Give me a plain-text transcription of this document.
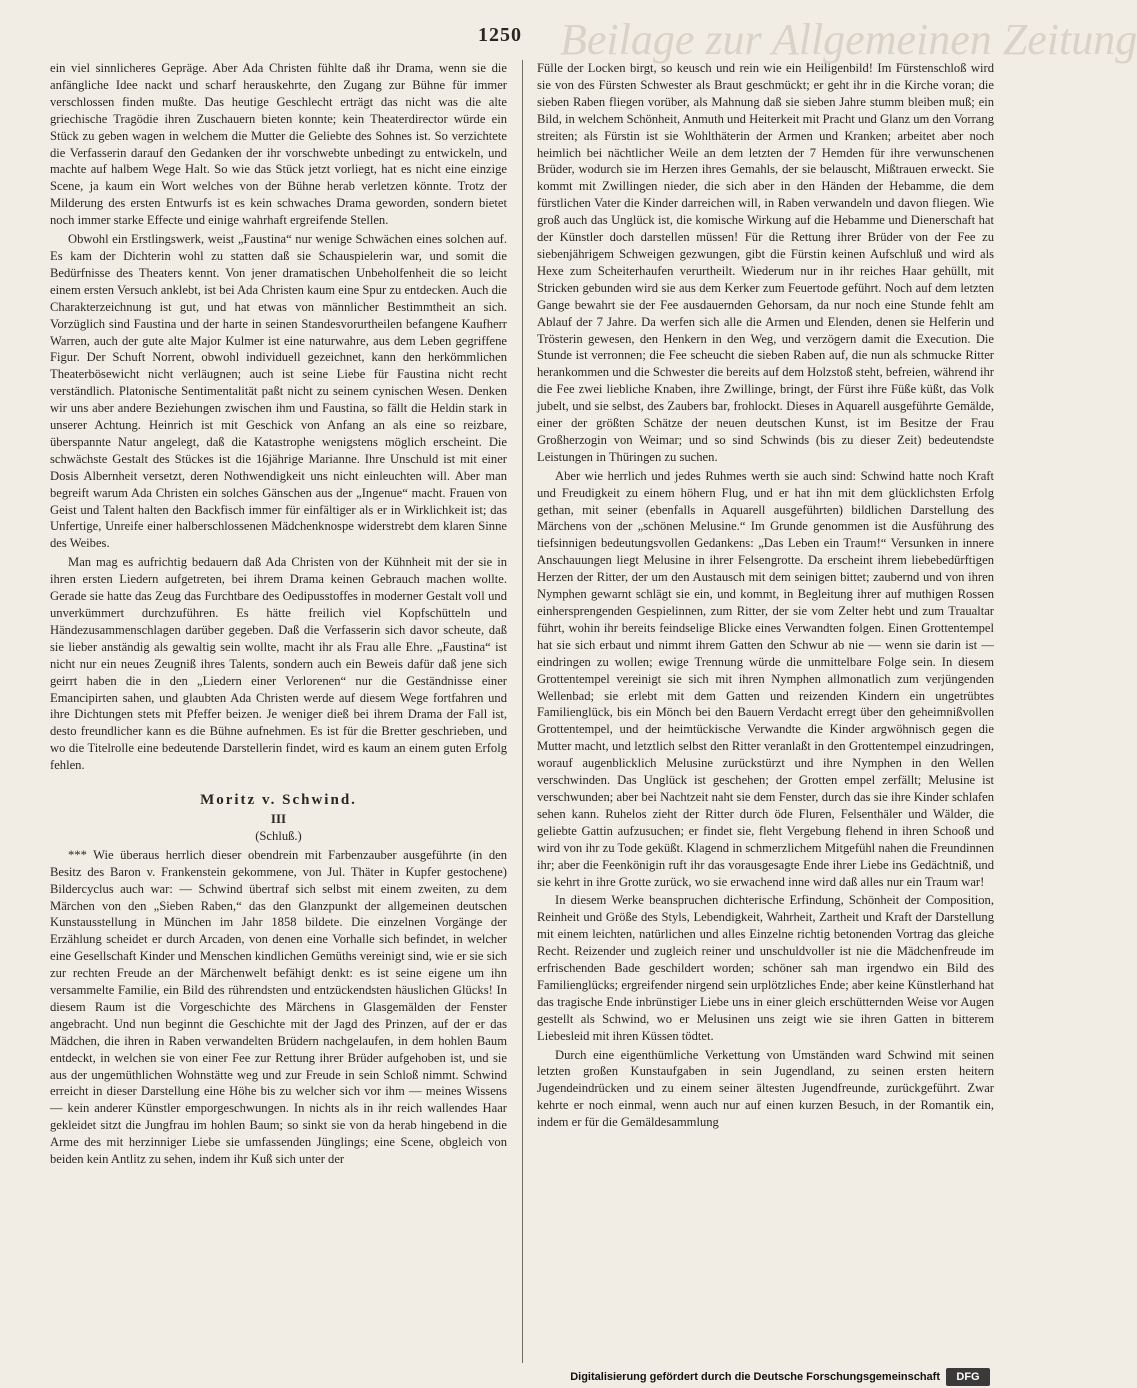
Beilage zur Allgemeinen Zeitung
1250

ein viel sinnlicheres Gepräge. Aber Ada Christen fühlte daß ihr Drama, wenn sie die anfängliche Idee nackt und scharf herauskehrte, den Zugang zur Bühne für immer verschlossen finden mußte. Das heutige Geschlecht erträgt das nicht was die alte griechische Tragödie ihren Zuschauern bieten konnte; kein Theaterdirector würde ein Stück zu geben wagen in welchem die Mutter die Geliebte des Sohnes ist. So verzichtete die Verfasserin darauf den Gedanken der ihr vorschwebte unbedingt zu entwickeln, und machte auf halbem Wege Halt. So wie das Stück jetzt vorliegt, hat es nicht eine einzige Scene, ja kaum ein Wort welches von der Bühne herab verletzen könnte. Trotz der Milderung des ersten Entwurfs ist es kein schwaches Drama geworden, sondern bietet noch immer starke Effecte und einige wahrhaft ergreifende Stellen.

Obwohl ein Erstlingswerk, weist „Faustina“ nur wenige Schwächen eines solchen auf. Es kam der Dichterin wohl zu statten daß sie Schauspielerin war, und somit die Bedürfnisse des Theaters kennt. Von jener dramatischen Unbeholfenheit die so leicht einem ersten Versuch anklebt, ist bei Ada Christen kaum eine Spur zu entdecken. Auch die Charakterzeichnung ist gut, und hat etwas von männlicher Bestimmtheit an sich. Vorzüglich sind Faustina und der harte in seinen Standesvorurtheilen befangene Kaufherr Warren, auch der gute alte Major Kulmer ist eine naturwahre, aus dem Leben gegriffene Figur. Der Schuft Norrent, obwohl individuell gezeichnet, kann den herkömmlichen Theaterbösewicht nicht verläugnen; auch ist seine Liebe für Faustina nicht recht verständlich. Platonische Sentimentalität paßt nicht zu seinem cynischen Wesen. Denken wir uns aber andere Beziehungen zwischen ihm und Faustina, so fällt die Heldin stark in unserer Achtung. Heinrich ist mit Geschick von Anfang an als eine so reizbare, überspannte Natur angelegt, daß die Katastrophe wenigstens möglich erscheint. Die schwächste Gestalt des Stückes ist die 16jährige Marianne. Ihre Unschuld ist mit einer Dosis Albernheit versetzt, deren Nothwendigkeit uns nicht einleuchten will. Aber man begreift warum Ada Christen ein solches Gänschen aus der „Ingenue“ macht. Frauen von Geist und Talent halten den Backfisch immer für einfältiger als er in Wirklichkeit ist; das Unfertige, Unreife einer halberschlossenen Mädchenknospe widerstrebt dem klaren Sinne des Weibes.

Man mag es aufrichtig bedauern daß Ada Christen von der Kühnheit mit der sie in ihren ersten Liedern aufgetreten, bei ihrem Drama keinen Gebrauch machen wollte. Gerade sie hatte das Zeug das Furchtbare des Oedipusstoffes in moderner Gestalt voll und unverkümmert durchzuführen. Es hätte freilich viel Kopfschütteln und Händezusammenschlagen darüber gegeben. Daß die Verfasserin sich davor scheute, daß sie lieber anständig als gewaltig sein wollte, macht ihr als Frau alle Ehre. „Faustina“ ist nicht nur ein neues Zeugniß ihres Talents, sondern auch ein Beweis dafür daß jene sich geirrt haben die in den „Liedern einer Verlorenen“ nur die Geständnisse einer Emancipirten sahen, und glaubten Ada Christen werde auf diesem Wege fortfahren und ihre Dichtungen stets mit Pfeffer beizen. Je weniger dieß bei ihrem Drama der Fall ist, desto freundlicher kann es die Bühne aufnehmen. Es ist für die Bretter geschrieben, und wo die Titelrolle eine bedeutende Darstellerin findet, wird es kaum an einem guten Erfolg fehlen.

Moritz v. Schwind.
III
(Schluß.)

*** Wie überaus herrlich dieser obendrein mit Farbenzauber ausgeführte (in den Besitz des Baron v. Frankenstein gekommene, von Jul. Thäter in Kupfer gestochene) Bildercyclus auch war: — Schwind übertraf sich selbst mit einem zweiten, zu dem Märchen von den „Sieben Raben,“ das den Glanzpunkt der allgemeinen deutschen Kunstausstellung in München im Jahr 1858 bildete. Die einzelnen Vorgänge der Erzählung scheidet er durch Arcaden, von denen eine Vorhalle sich befindet, in welcher eine Gesellschaft Kinder und Menschen kindlichen Gemüths vereinigt sind, wie er sie sich zur rechten Freude an der Märchenwelt befähigt denkt: es ist seine eigene um ihn versammelte Familie, ein Bild des rührendsten und entzückendsten häuslichen Glücks! In diesem Raum ist die Vorgeschichte des Märchens in Glasgemälden der Fenster angebracht. Und nun beginnt die Geschichte mit der Jagd des Prinzen, auf der er das Mädchen, die ihren in Raben verwandelten Brüdern nachgelaufen, in dem hohlen Baum entdeckt, in welchen sie von einer Fee zur Rettung ihrer Brüder aufgehoben ist, und sie aus der ungemüthlichen Wohnstätte weg und zur Freude in sein Schloß nimmt. Schwind erreicht in dieser Darstellung eine Höhe bis zu welcher sich vor ihm — meines Wissens — kein anderer Künstler emporgeschwungen. In nichts als in ihr reich wallendes Haar gekleidet sitzt die Jungfrau im hohlen Baum; so sinkt sie von da herab hingebend in die Arme des mit herzinniger Liebe sie umfassenden Jünglings; eine Scene, obgleich von beiden kein Antlitz zu sehen, indem ihr Kuß sich unter der

Fülle der Locken birgt, so keusch und rein wie ein Heiligenbild! Im Fürstenschloß wird sie von des Fürsten Schwester als Braut geschmückt; er geht ihr in die Kirche voran; die sieben Raben fliegen vorüber, als Mahnung daß sie sieben Jahre stumm bleiben muß; ein Bild, in welchem Schönheit, Anmuth und Heiterkeit mit Pracht und Glanz um den Vorrang streiten; als Fürstin ist sie Wohlthäterin der Armen und Kranken; arbeitet aber noch heimlich bei nächtlicher Weile an dem letzten der 7 Hemden für ihre verwunschenen Brüder, wodurch sie im Herzen ihres Gemahls, der sie belauscht, Mißtrauen erweckt. Sie kommt mit Zwillingen nieder, die sich aber in den Händen der Hebamme, die dem fürstlichen Vater die Kinder darreichen will, in Raben verwandeln und davon fliegen. Wie groß auch das Unglück ist, die komische Wirkung auf die Hebamme und Dienerschaft hat der Künstler doch darstellen müssen! Für die Rettung ihrer Brüder von der Fee zu siebenjährigem Schweigen gezwungen, gibt die Fürstin keinen Aufschluß und wird als Hexe zum Scheiterhaufen verurtheilt. Wiederum nur in ihr reiches Haar gehüllt, mit Stricken gebunden wird sie aus dem Kerker zum Feuertode geführt. Noch auf dem letzten Gange bewahrt sie der Fee ausdauernden Gehorsam, da nur noch eine Stunde fehlt am Ablauf der 7 Jahre. Da werfen sich alle die Armen und Elenden, denen sie Helferin und Trösterin gewesen, den Henkern in den Weg, und verzögern damit die Execution. Die Stunde ist verronnen; die Fee scheucht die sieben Raben auf, die nun als schmucke Ritter herankommen und die Schwester die bereits auf dem Holzstoß steht, befreien, während ihr die Fee zwei liebliche Knaben, ihre Zwillinge, bringt, der Fürst ihre Füße küßt, das Volk jubelt, und sie selbst, des Zaubers bar, frohlockt. Dieses in Aquarell ausgeführte Gemälde, einer der größten Schätze der neuen deutschen Kunst, ist im Besitze der Frau Großherzogin von Weimar; und so sind Schwinds (bis zu dieser Zeit) bedeutendste Leistungen in Thüringen zu suchen.

Aber wie herrlich und jedes Ruhmes werth sie auch sind: Schwind hatte noch Kraft und Freudigkeit zu einem höhern Flug, und er hat ihn mit dem glücklichsten Erfolg gethan, mit seiner (ebenfalls in Aquarell ausgeführten) bildlichen Darstellung des Märchens von der „schönen Melusine.“ Im Grunde genommen ist die Ausführung des tiefsinnigen bedeutungsvollen Gedankens: „Das Leben ein Traum!“ Versunken in innere Anschauungen liegt Melusine in ihrer Felsengrotte. Da erscheint ihrem liebebedürftigen Herzen der Ritter, der um den Austausch mit dem seinigen bittet; zaubernd und von ihren Nymphen gewarnt schlägt sie ein, und kommt, in Begleitung ihrer auf muthigen Rossen einhersprengenden Gespielinnen, zum Ritter, der sie vom Zelter hebt und zum Traualtar führt, wohin ihr bereits feindselige Blicke eines Verwandten folgen. Einen Grottentempel hat sie sich erbaut und nimmt ihrem Gatten den Schwur ab nie — wenn sie darin ist — eindringen zu wollen; ewige Trennung würde die unmittelbare Folge sein. In diesem Grottentempel vereinigt sie sich mit ihren Nymphen allmonatlich zum verjüngenden Wellenbad; sie erlebt mit dem Gatten und reizenden Kindern ein ungetrübtes Familienglück, bis ein Mönch bei den Bauern Verdacht erregt über den geheimnißvollen Grottentempel, und der heimtückische Verwandte die Kinder argwöhnisch gegen die Mutter macht, und letztlich selbst den Ritter veranlaßt in den Grottentempel einzudringen, worauf augenblicklich Melusine zurückstürzt und ihre Nymphen in den Wellen verschwinden. Das Unglück ist geschehen; der Grotten empel zerfällt; Melusine ist verschwunden; aber bei Nachtzeit naht sie dem Fenster, durch das sie ihre Kinder schlafen sehen kann. Ruhelos zieht der Ritter durch öde Fluren, Felsenthäler und Wälder, die geliebte Gattin aufzusuchen; er findet sie, fleht Vergebung flehend in ihren Schooß und wird von ihr zu Tode geküßt. Klagend in schmerzlichem Mitgefühl nahen die Freundinnen ihr; aber die Feenkönigin ruft ihr das vorausgesagte Ende ihrer Liebe ins Gedächtniß, und sie kehrt in ihre Grotte zurück, wo sie erwachend inne wird daß alles nur ein Traum war!

In diesem Werke beanspruchen dichterische Erfindung, Schönheit der Composition, Reinheit und Größe des Styls, Lebendigkeit, Wahrheit, Zartheit und Kraft der Darstellung mit einem leichten, natürlichen und alles Einzelne richtig betonenden Vortrag das gleiche Recht. Reizender und zugleich reiner und unschuldvoller ist nie die Mädchenfreude im erfrischenden Bade geschildert worden; schöner sah man irgendwo ein Bild des Familienglücks; ergreifender nirgend sein urplötzliches Ende; aber keine Künstlerhand hat das tragische Ende inbrünstiger Liebe uns in einer gleich erschütternden Weise vor Augen gestellt als Schwind, wo er Melusinen uns zeigt wie sie ihren Gatten in bitterem Liebesleid mit ihren Küssen tödtet.

Durch eine eigenthümliche Verkettung von Umständen ward Schwind mit seinen letzten großen Kunstaufgaben in sein Jugendland, zu seinen ersten heitern Jugendeindrücken und zu einem seiner ältesten Jugendfreunde, zurückgeführt. Zwar kehrte er noch einmal, wenn auch nur auf einen kurzen Besuch, in der Romantik ein, indem er für die Gemäldesammlung

Digitalisierung gefördert durch die Deutsche Forschungsgemeinschaft	DFG
